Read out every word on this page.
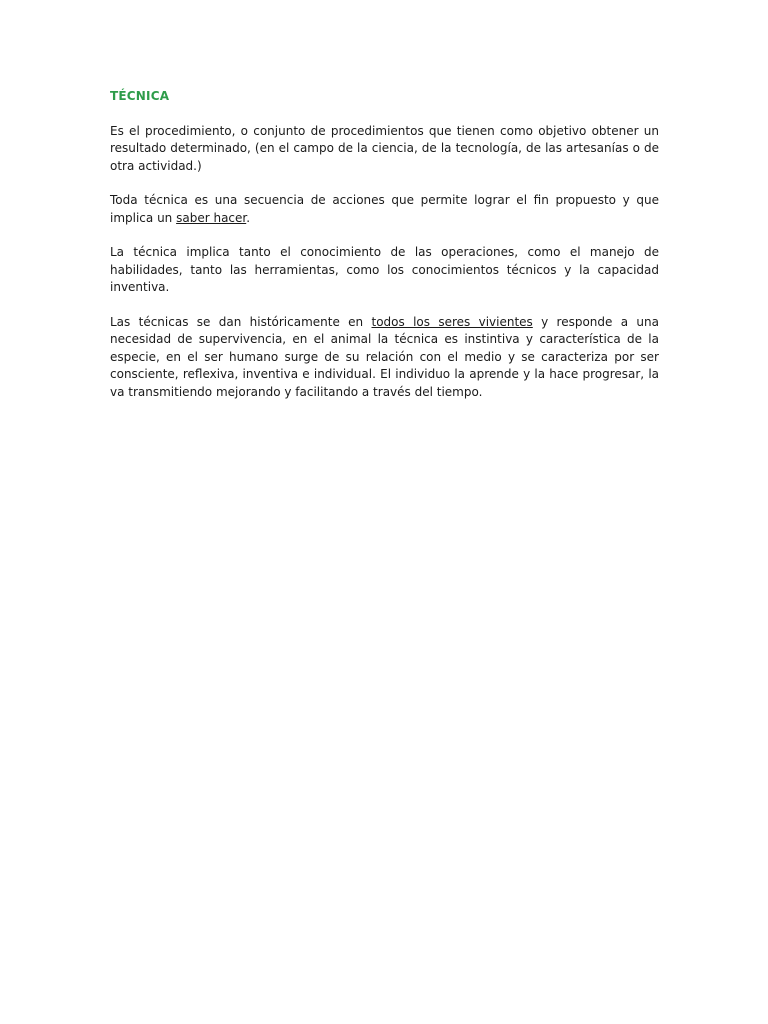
TÉCNICA

Es el procedimiento, o conjunto de procedimientos que tienen como objetivo obtener un resultado determinado, (en el campo de la ciencia, de la tecnología, de las artesanías o de otra actividad.)

Toda técnica es una secuencia de acciones que permite lograr el fin propuesto y que implica un saber hacer.

La técnica implica tanto el conocimiento de las operaciones, como el manejo de habilidades, tanto las herramientas, como los conocimientos técnicos y la capacidad inventiva.

Las técnicas se dan históricamente en todos los seres vivientes y responde a una necesidad de supervivencia, en el animal la técnica es instintiva y característica de la especie, en el ser humano surge de su relación con el medio y se caracteriza por ser consciente, reflexiva, inventiva e individual. El individuo la aprende y la hace progresar, la va transmitiendo mejorando y facilitando a través del tiempo.
